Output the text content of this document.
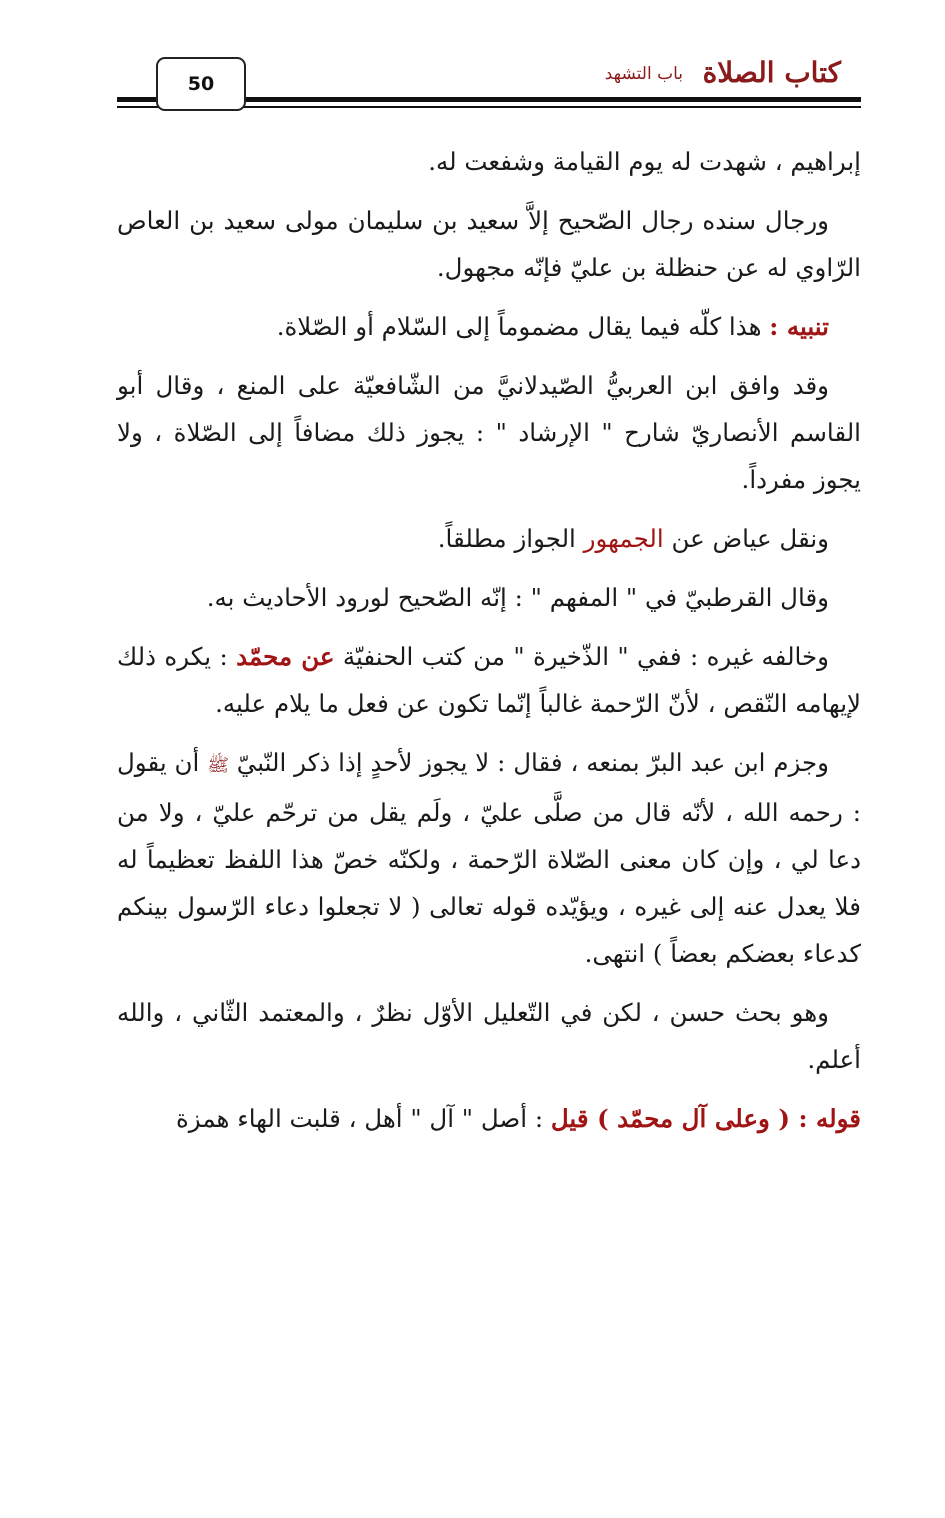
كتاب الصلاة
باب التشهد
50

إبراهيم ، شهدت له يوم القيامة وشفعت له.

ورجال سنده رجال الصّحيح إلاَّ سعيد بن سليمان مولى سعيد بن العاص الرّاوي له عن حنظلة بن عليّ فإنّه مجهول.

تنبيه : هذا كلّه فيما يقال مضموماً إلى السّلام أو الصّلاة.

وقد وافق ابن العربيُّ الصّيدلانيَّ من الشّافعيّة على المنع ، وقال أبو القاسم الأنصاريّ شارح " الإرشاد " : يجوز ذلك مضافاً إلى الصّلاة ، ولا يجوز مفرداً.

ونقل عياض عن الجمهور الجواز مطلقاً.

وقال القرطبيّ في " المفهم " : إنّه الصّحيح لورود الأحاديث به.

وخالفه غيره : ففي " الذّخيرة " من كتب الحنفيّة عن محمّد : يكره ذلك لإيهامه النّقص ، لأنّ الرّحمة غالباً إنّما تكون عن فعل ما يلام عليه.

وجزم ابن عبد البرّ بمنعه ، فقال : لا يجوز لأحدٍ إذا ذكر النّبيّ ﷺ أن يقول : رحمه الله ، لأنّه قال من صلَّى عليّ ، ولَم يقل من ترحّم عليّ ، ولا من دعا لي ، وإن كان معنى الصّلاة الرّحمة ، ولكنّه خصّ هذا اللفظ تعظيماً له فلا يعدل عنه إلى غيره ، ويؤيّده قوله تعالى ( لا تجعلوا دعاء الرّسول بينكم كدعاء بعضكم بعضاً ) انتهى.

وهو بحث حسن ، لكن في التّعليل الأوّل نظرٌ ، والمعتمد الثّاني ، والله أعلم.

قوله : ( وعلى آل محمّد ) قيل : أصل " آل " أهل ، قلبت الهاء همزة
